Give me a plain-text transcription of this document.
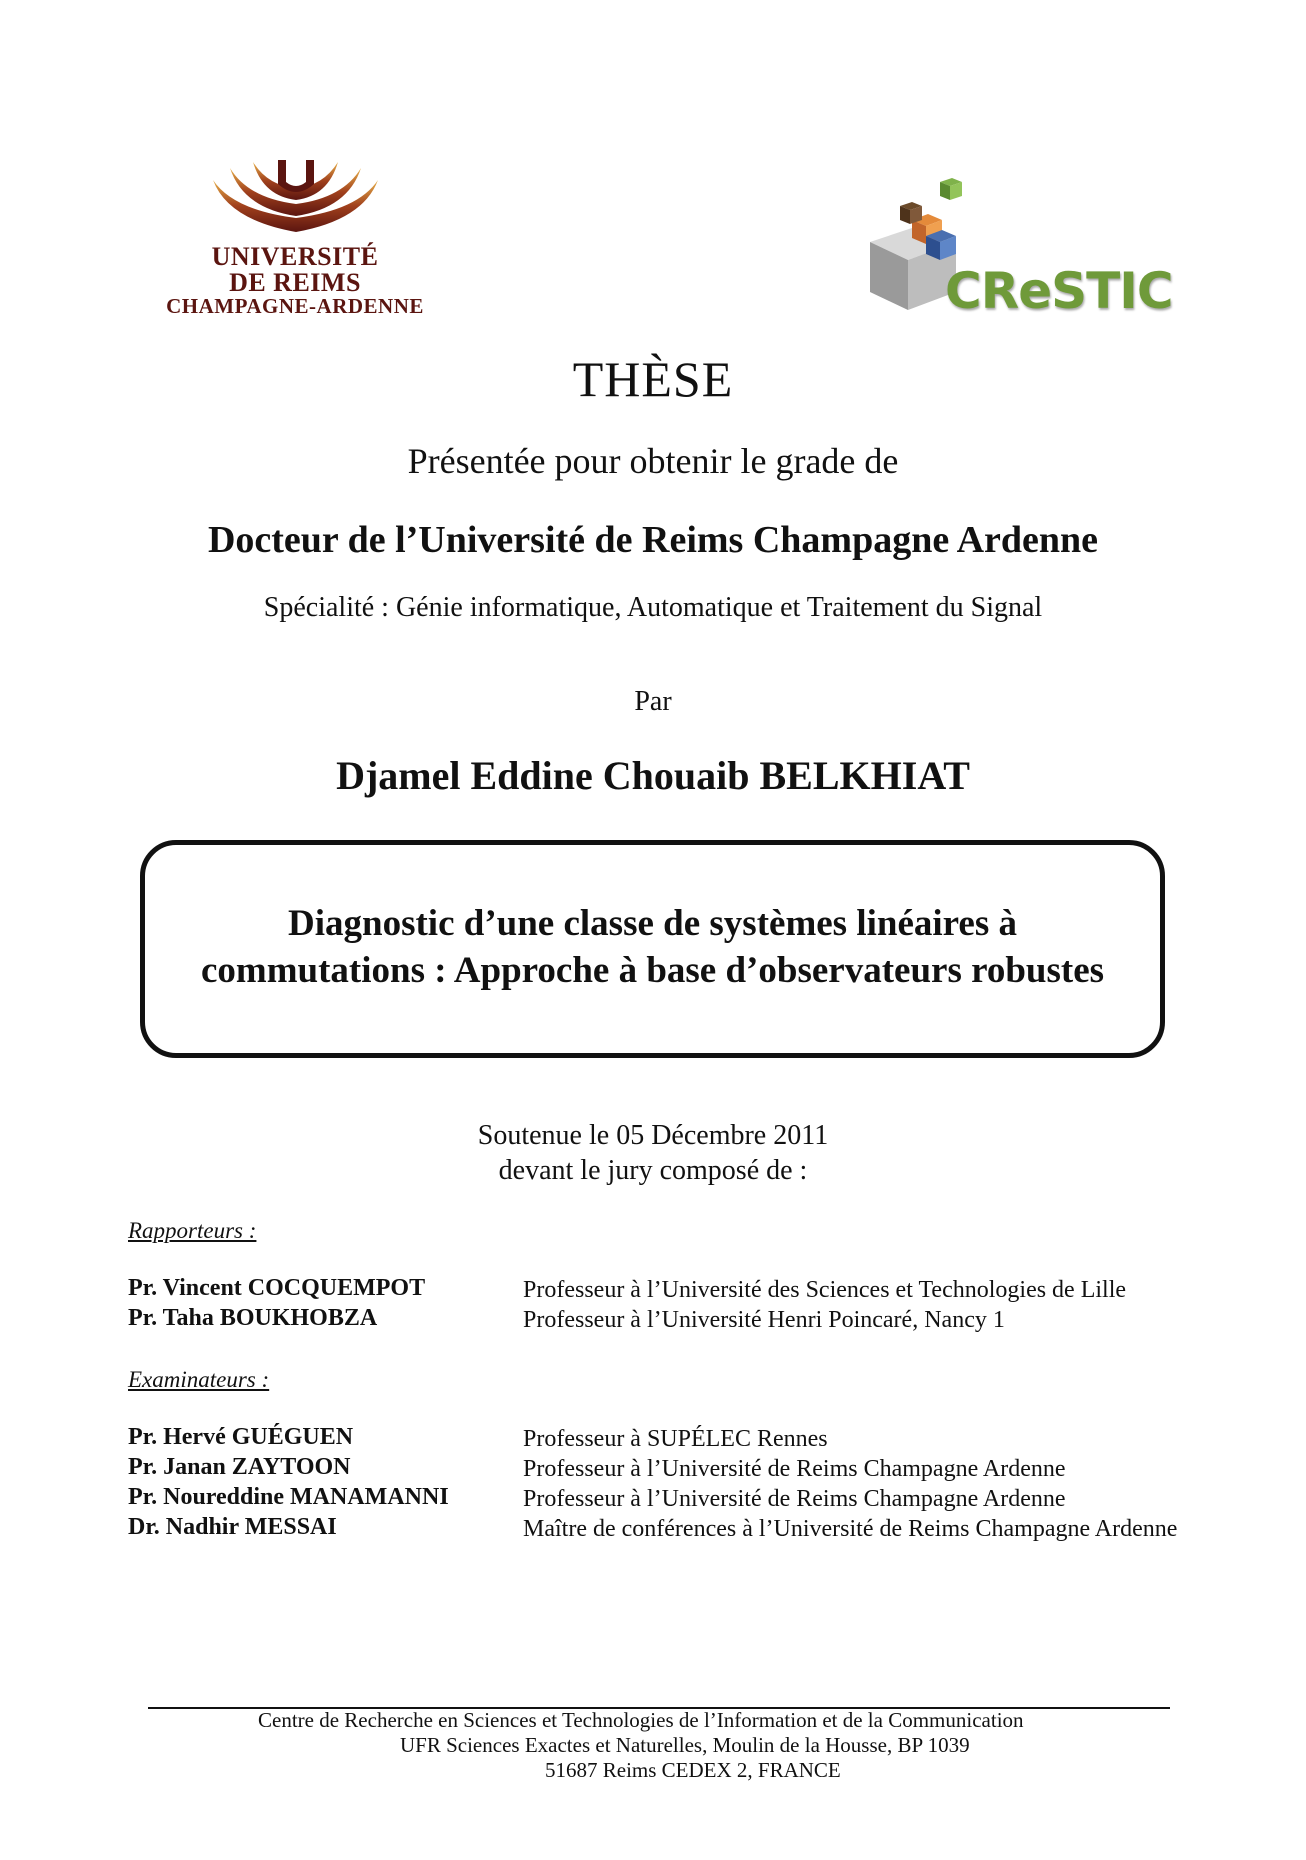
UNIVERSITÉ
DE REIMS
CHAMPAGNE-ARDENNE	CReSTIC
THÈSE
Présentée pour obtenir le grade de
Docteur de l’Université de Reims Champagne Ardenne
Spécialité : Génie informatique, Automatique et Traitement du Signal
Par
Djamel Eddine Chouaib BELKHIAT
Diagnostic d’une classe de systèmes linéaires à
commutations : Approche à base d’observateurs robustes
Soutenue le 05 Décembre 2011
devant le jury composé de :
Rapporteurs :
Pr. Vincent COCQUEMPOT	Professeur à l’Université des Sciences et Technologies de Lille
Pr. Taha BOUKHOBZA	Professeur à l’Université Henri Poincaré, Nancy 1
Examinateurs :
Pr. Hervé GUÉGUEN	Professeur à SUPÉLEC Rennes
Pr. Janan ZAYTOON	Professeur à l’Université de Reims Champagne Ardenne
Pr. Noureddine MANAMANNI	Professeur à l’Université de Reims Champagne Ardenne
Dr. Nadhir MESSAI	Maître de conférences à l’Université de Reims Champagne Ardenne
Centre de Recherche en Sciences et Technologies de l’Information et de la Communication
UFR Sciences Exactes et Naturelles, Moulin de la Housse, BP 1039
51687 Reims CEDEX 2, FRANCE
